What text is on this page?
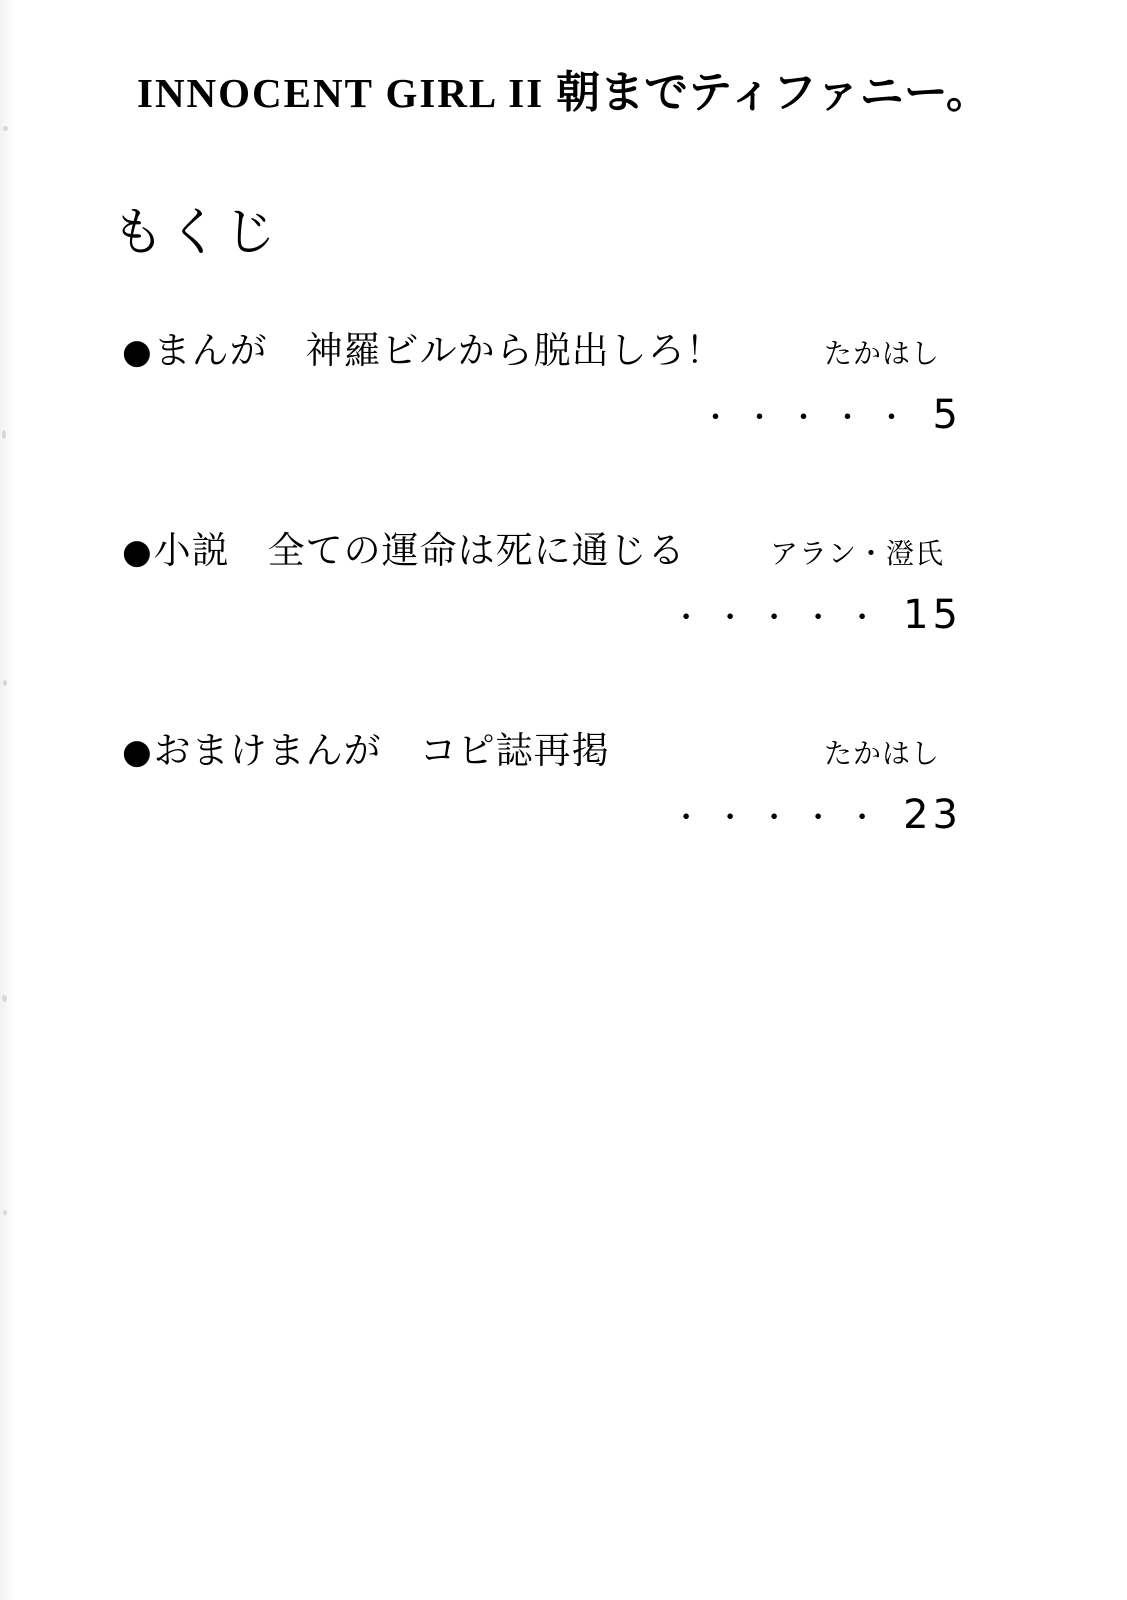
INNOCENT GIRL II 朝までティファニー。
もくじ
● まんが　神羅ビルから脱出しろ！	たかはし
・・・・・ 5
● 小説　全ての運命は死に通じる	アラン・澄氏
・・・・・ 15
● おまけまんが　コピ誌再掲	たかはし
・・・・・ 23
